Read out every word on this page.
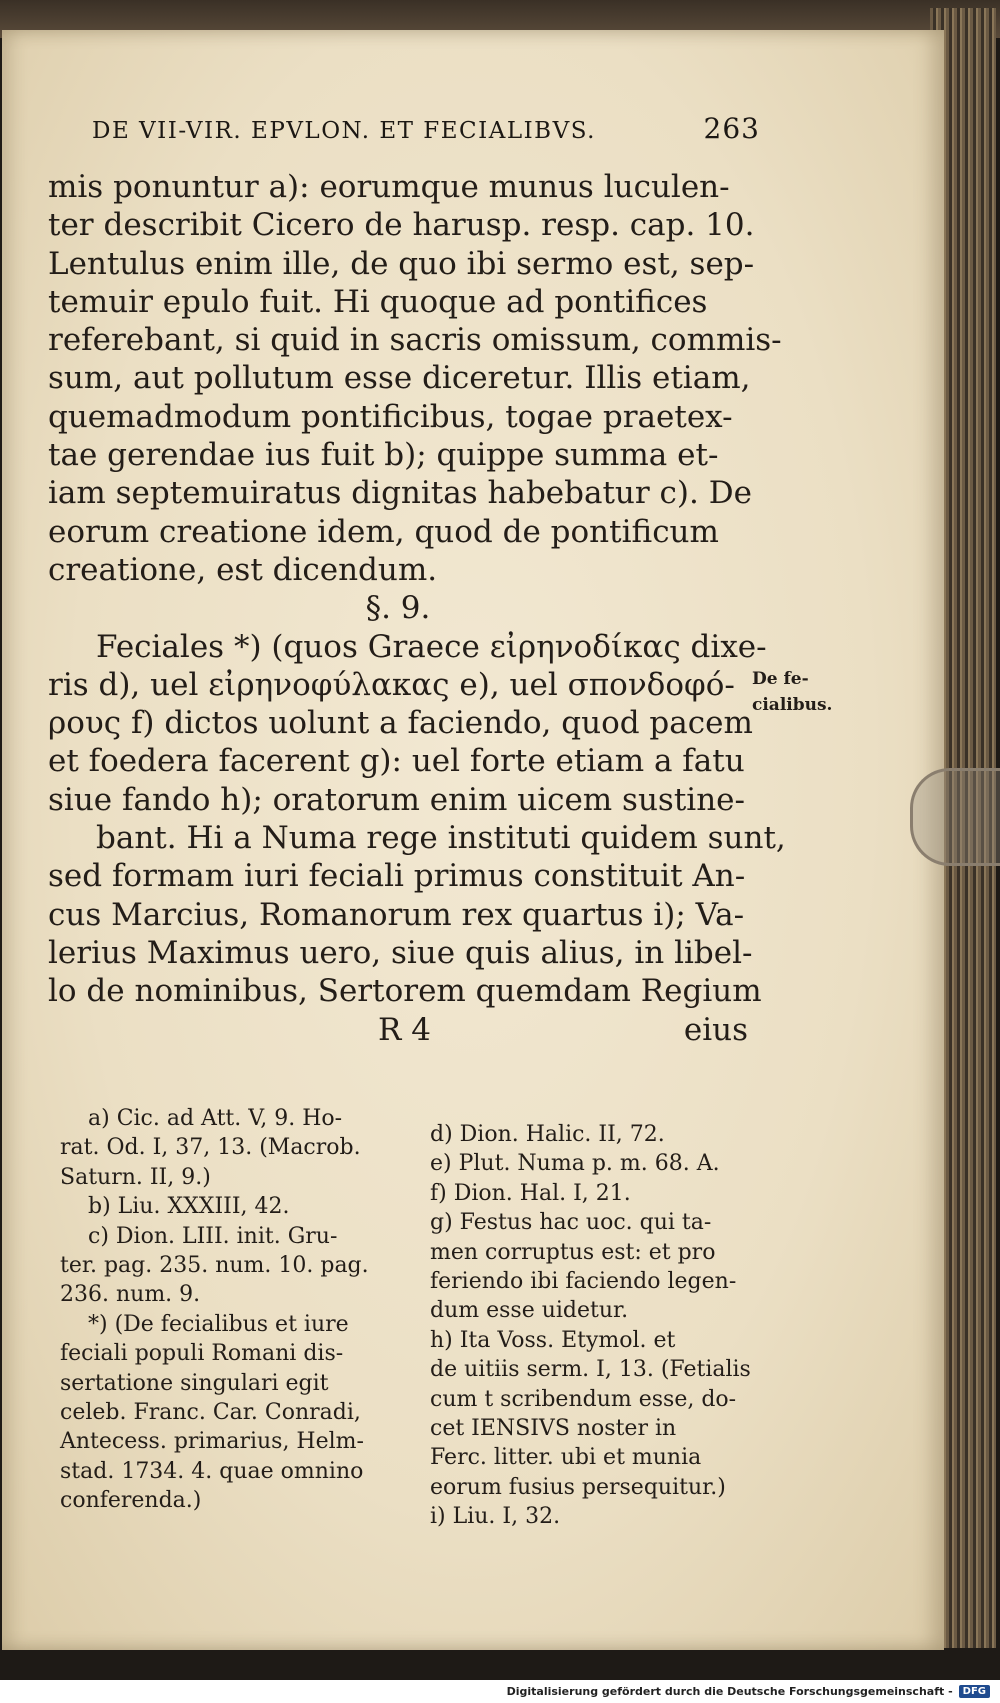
DE VII-VIR. EPVLON. ET FECIALIBVS.	263
mis ponuntur a): eorumque munus luculen-
ter describit Cicero de harusp. resp. cap. 10.
Lentulus enim ille, de quo ibi sermo est, sep-
temuir epulo fuit. Hi quoque ad pontifices
referebant, si quid in sacris omissum, commis-
sum, aut pollutum esse diceretur. Illis etiam,
quemadmodum pontificibus, togae praetex-
tae gerendae ius fuit b); quippe summa et-
iam septemuiratus dignitas habebatur c). De
eorum creatione idem, quod de pontificum
creatione, est dicendum.
§. 9.
Feciales *) (quos Graece εἰρηνοδίκας dixe-
ris d), uel εἰρηνοφύλακας e), uel σπονδοφό-
ρους f) dictos uolunt a faciendo, quod pacem
et foedera facerent g): uel forte etiam a fatu
siue fando h); oratorum enim uicem sustine-
bant. Hi a Numa rege instituti quidem sunt,
sed formam iuri feciali primus constituit An-
cus Marcius, Romanorum rex quartus i); Va-
lerius Maximus uero, siue quis alius, in libel-
lo de nominibus, Sertorem quemdam Regium
R 4	eius
De fe-
cialibus.
a) Cic. ad Att. V, 9. Ho-
rat. Od. I, 37, 13. (Macrob.
Saturn. II, 9.)
b) Liu. XXXIII, 42.
c) Dion. LIII. init. Gru-
ter. pag. 235. num. 10. pag.
236. num. 9.
*) (De fecialibus et iure
feciali populi Romani dis-
sertatione singulari egit
celeb. Franc. Car. Conradi,
Antecess. primarius, Helm-
stad. 1734. 4. quae omnino
conferenda.)
d) Dion. Halic. II, 72.
e) Plut. Numa p. m. 68. A.
f) Dion. Hal. I, 21.
g) Festus hac uoc. qui ta-
men corruptus est: et pro
feriendo ibi faciendo legen-
dum esse uidetur.
h) Ita Voss. Etymol. et
de uitiis serm. I, 13. (Fetialis
cum t scribendum esse, do-
cet IENSIVS noster in
Ferc. litter. ubi et munia
eorum fusius persequitur.)
i) Liu. I, 32.
Digitalisierung gefördert durch die Deutsche Forschungsgemeinschaft -	DFG
